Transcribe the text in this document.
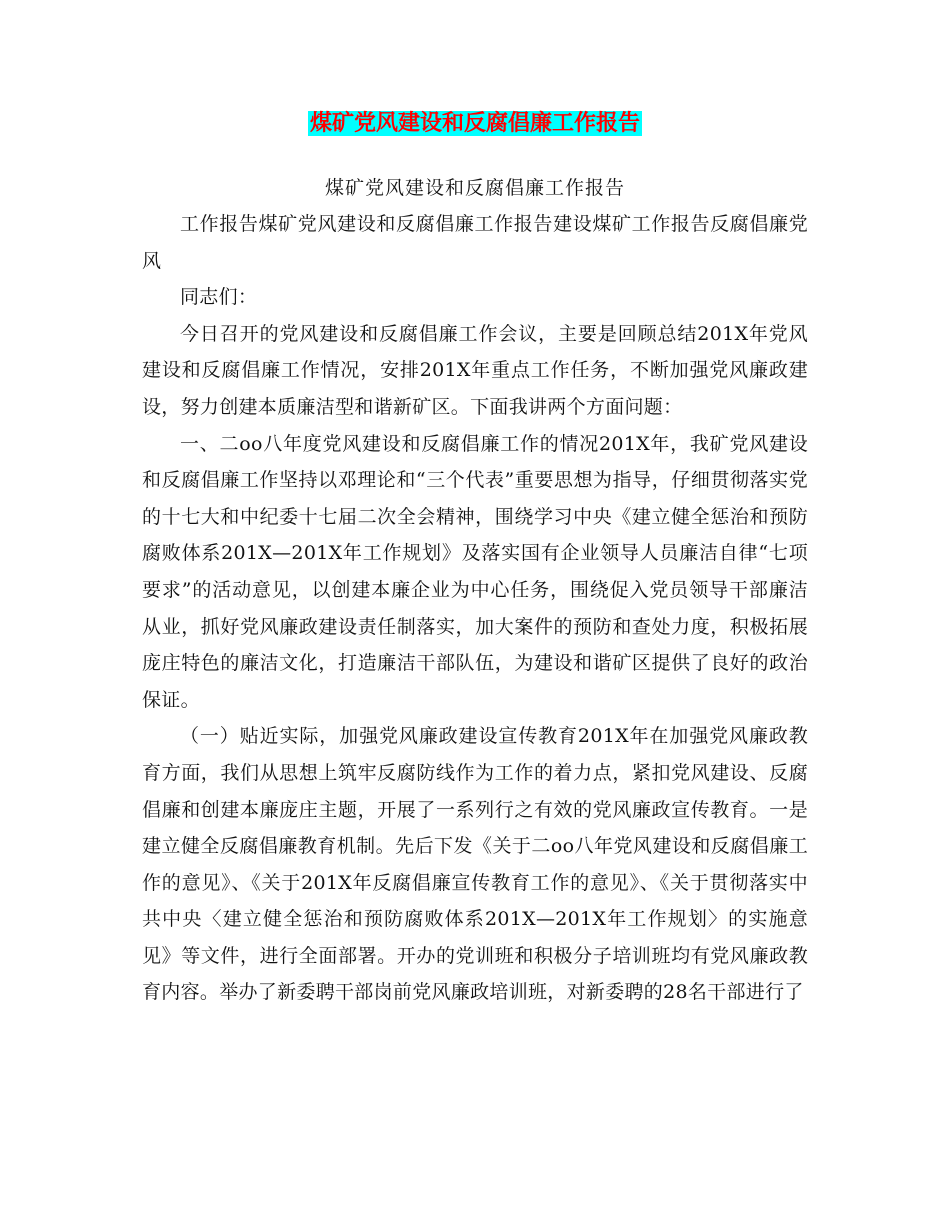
煤矿党风建设和反腐倡廉工作报告

煤矿党风建设和反腐倡廉工作报告

工作报告煤矿党风建设和反腐倡廉工作报告建设煤矿工作报告反腐倡廉党风

同志们：

今日召开的党风建设和反腐倡廉工作会议，主要是回顾总结201X年党风建设和反腐倡廉工作情况，安排201X年重点工作任务，不断加强党风廉政建设，努力创建本质廉洁型和谐新矿区。下面我讲两个方面问题：

一、二oo八年度党风建设和反腐倡廉工作的情况201X年，我矿党风建设和反腐倡廉工作坚持以邓理论和“三个代表”重要思想为指导，仔细贯彻落实党的十七大和中纪委十七届二次全会精神，围绕学习中央《建立健全惩治和预防腐败体系201X—201X年工作规划》及落实国有企业领导人员廉洁自律“七项要求”的活动意见，以创建本廉企业为中心任务，围绕促入党员领导干部廉洁从业，抓好党风廉政建设责任制落实，加大案件的预防和查处力度，积极拓展庞庄特色的廉洁文化，打造廉洁干部队伍，为建设和谐矿区提供了良好的政治保证。

（一）贴近实际，加强党风廉政建设宣传教育201X年在加强党风廉政教育方面，我们从思想上筑牢反腐防线作为工作的着力点，紧扣党风建设、反腐倡廉和创建本廉庞庄主题，开展了一系列行之有效的党风廉政宣传教育。一是建立健全反腐倡廉教育机制。先后下发《关于二oo八年党风建设和反腐倡廉工作的意见》、《关于201X年反腐倡廉宣传教育工作的意见》、《关于贯彻落实中共中央〈建立健全惩治和预防腐败体系201X—201X年工作规划〉的实施意见》等文件，进行全面部署。开办的党训班和积极分子培训班均有党风廉政教育内容。举办了新委聘干部岗前党风廉政培训班，对新委聘的28名干部进行了
